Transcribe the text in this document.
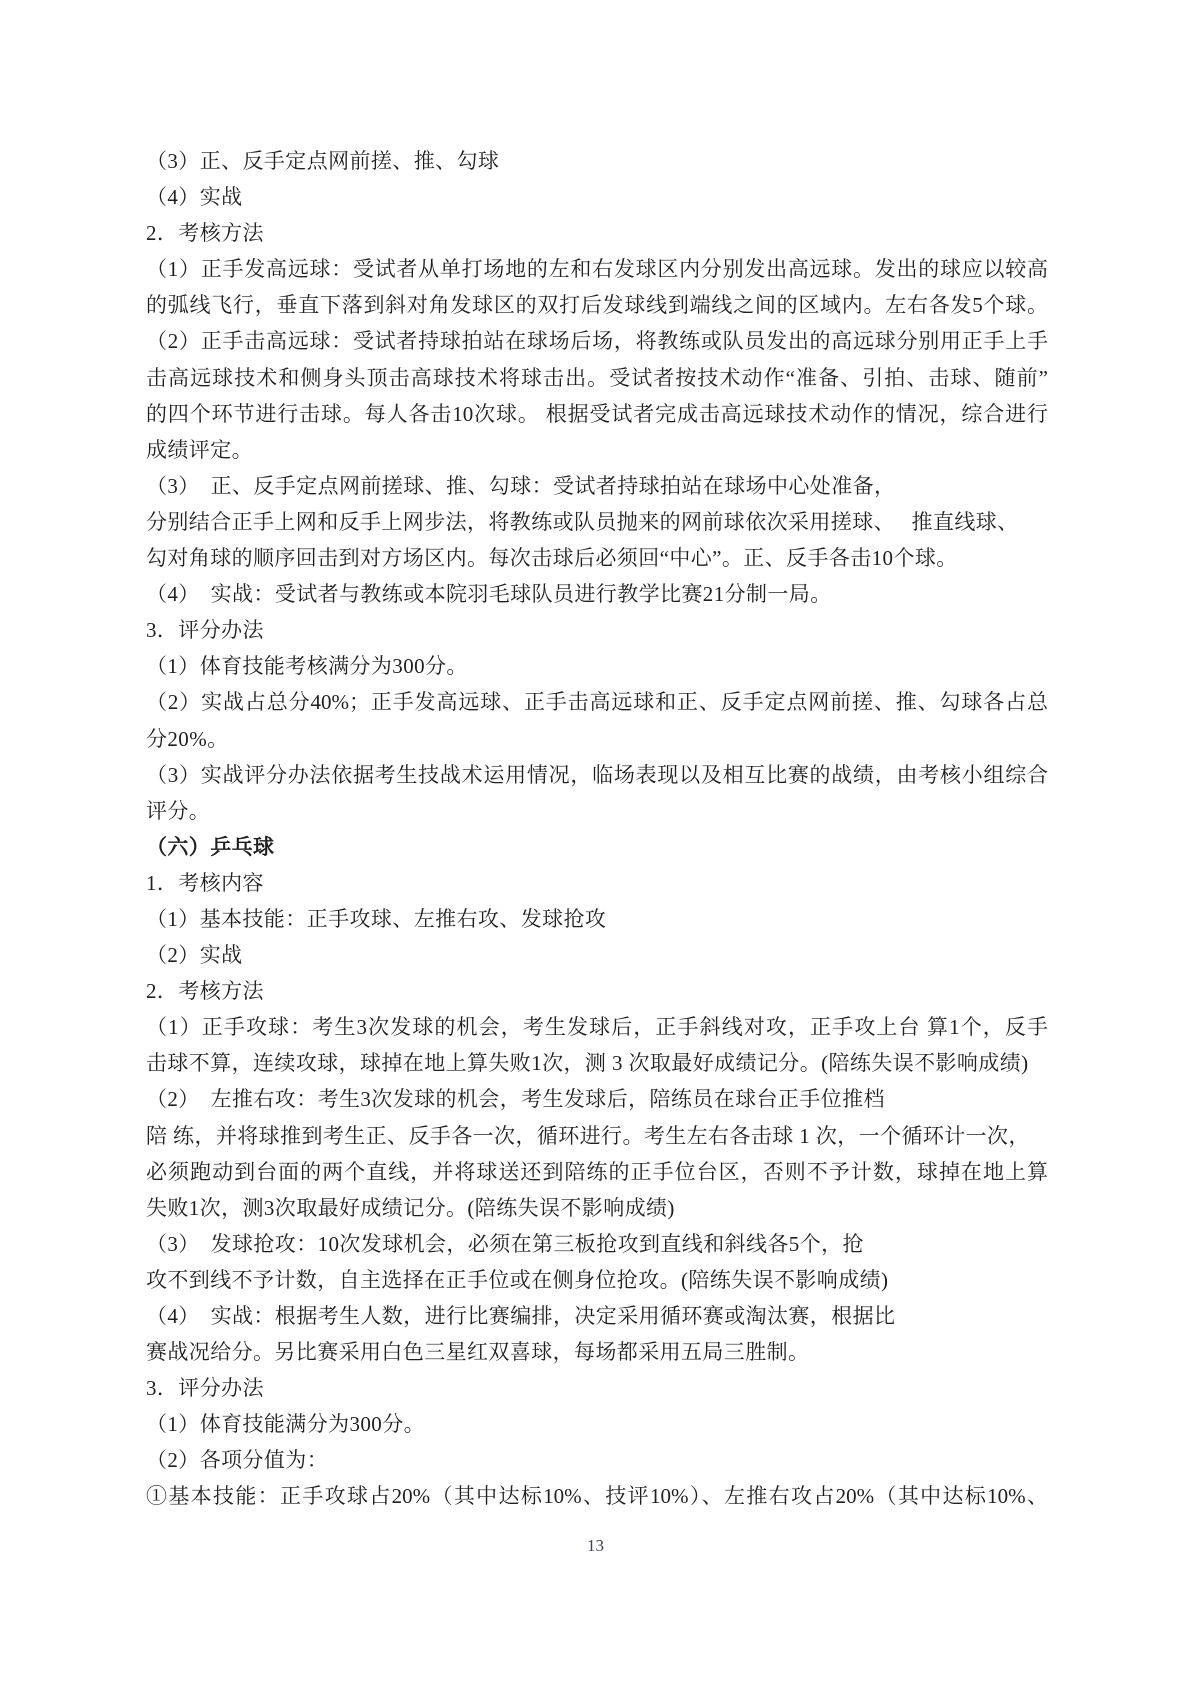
（3）正、反手定点网前搓、推、勾球
（4）实战
2．考核方法
（1）正手发高远球：受试者从单打场地的左和右发球区内分别发出高远球。发出的球应以较高
的弧线飞行，垂直下落到斜对角发球区的双打后发球线到端线之间的区域内。左右各发5个球。
（2）正手击高远球：受试者持球拍站在球场后场，将教练或队员发出的高远球分别用正手上手
击高远球技术和侧身头顶击高球技术将球击出。受试者按技术动作“准备、引拍、击球、随前”
的四个环节进行击球。每人各击10次球。 根据受试者完成击高远球技术动作的情况，综合进行
成绩评定。
（3）　正、反手定点网前搓球、推、勾球：受试者持球拍站在球场中心处准备，
分别结合正手上网和反手上网步法，将教练或队员抛来的网前球依次采用搓球、　 推直线球、
勾对角球的顺序回击到对方场区内。每次击球后必须回“中心”。正、反手各击10个球。
（4）　实战：受试者与教练或本院羽毛球队员进行教学比赛21分制一局。
3．评分办法
（1）体育技能考核满分为300分。
（2）实战占总分40%；正手发高远球、正手击高远球和正、反手定点网前搓、推、勾球各占总
分20%。
（3）实战评分办法依据考生技战术运用情况，临场表现以及相互比赛的战绩，由考核小组综合
评分。
（六）乒乓球
1．考核内容
（1）基本技能：正手攻球、左推右攻、发球抢攻
（2）实战
2．考核方法
（1）正手攻球：考生3次发球的机会，考生发球后，正手斜线对攻，正手攻上台 算1个，反手
击球不算，连续攻球，球掉在地上算失败1次，测 3 次取最好成绩记分。(陪练失误不影响成绩)
（2）　左推右攻：考生3次发球的机会，考生发球后，陪练员在球台正手位推档
陪 练，并将球推到考生正、反手各一次，循环进行。考生左右各击球 1 次，一个循环计一次，
必须跑动到台面的两个直线，并将球送还到陪练的正手位台区，否则不予计数，球掉在地上算
失败1次，测3次取最好成绩记分。(陪练失误不影响成绩)
（3）　发球抢攻：10次发球机会，必须在第三板抢攻到直线和斜线各5个，抢
攻不到线不予计数，自主选择在正手位或在侧身位抢攻。(陪练失误不影响成绩)
（4）　实战：根据考生人数，进行比赛编排，决定采用循环赛或淘汰赛，根据比
赛战况给分。另比赛采用白色三星红双喜球，每场都采用五局三胜制。
3．评分办法
（1）体育技能满分为300分。
（2）各项分值为：
①基本技能：正手攻球占20%（其中达标10%、技评10%）、左推右攻占20%（其中达标10%、
13
